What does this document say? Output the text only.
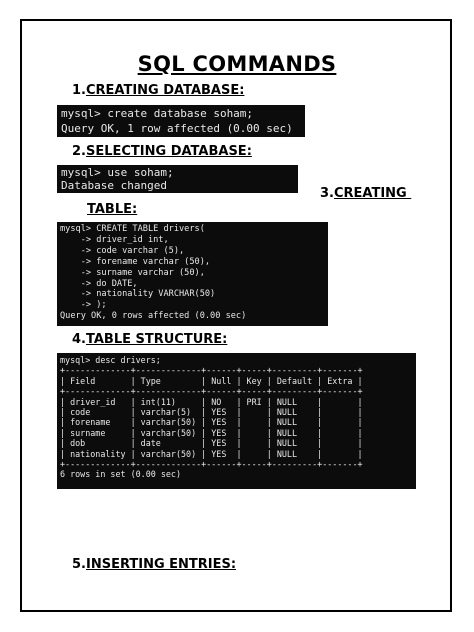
SQL COMMANDS
1.CREATING DATABASE:
mysql> create database soham;
Query OK, 1 row affected (0.00 sec)
2.SELECTING DATABASE:
mysql> use soham;
Database changed
3.CREATING
TABLE:
mysql> CREATE TABLE drivers(
-> driver_id int,
-> code varchar (5),
-> forename varchar (50),
-> surname varchar (50),
-> do DATE,
-> nationality VARCHAR(50)
-> );
Query OK, 0 rows affected (0.00 sec)
4.TABLE STRUCTURE:
mysql> desc drivers;
+-------------+-------------+------+-----+---------+-------+
| Field       | Type        | Null | Key | Default | Extra |
+-------------+-------------+------+-----+---------+-------+
| driver_id   | int(11)     | NO   | PRI | NULL    |       |
| code        | varchar(5)  | YES  |     | NULL    |       |
| forename    | varchar(50) | YES  |     | NULL    |       |
| surname     | varchar(50) | YES  |     | NULL    |       |
| dob         | date        | YES  |     | NULL    |       |
| nationality | varchar(50) | YES  |     | NULL    |       |
+-------------+-------------+------+-----+---------+-------+
6 rows in set (0.00 sec)
5.INSERTING ENTRIES:
